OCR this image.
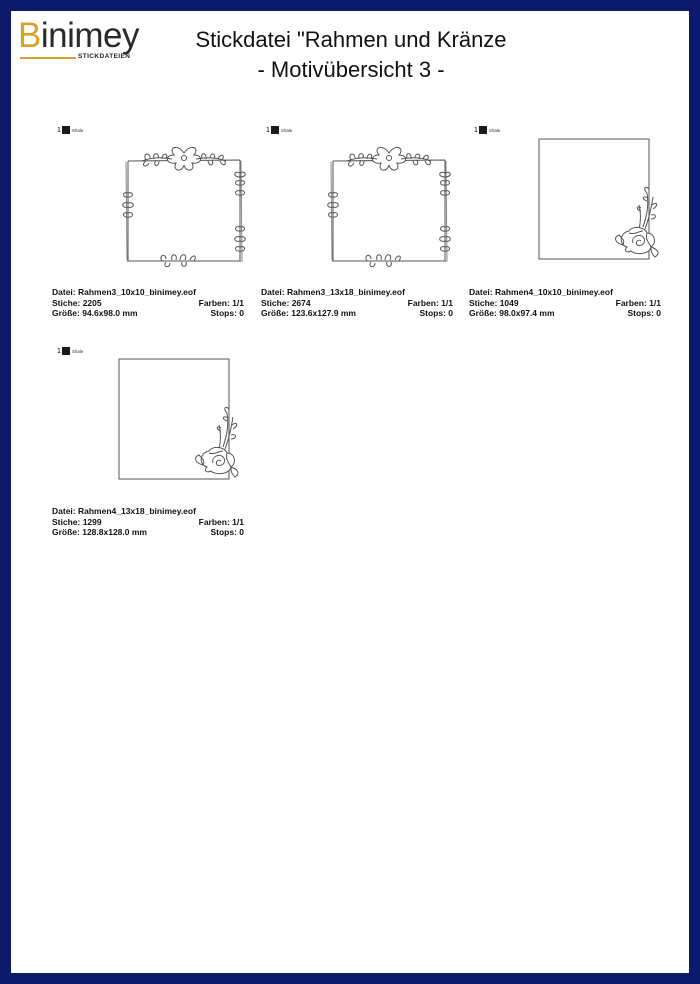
Binimey
STICKDATEIEN
Stickdatei "Rahmen und Kränze
- Motivübersicht 3 -
1 Shale
Datei: Rahmen3_10x10_binimey.eof
Stiche: 2205	Farben: 1/1
Größe: 94.6x98.0 mm	Stops: 0
1 Shale
Datei: Rahmen3_13x18_binimey.eof
Stiche: 2674	Farben: 1/1
Größe: 123.6x127.9 mm	Stops: 0
1 Shale
Datei: Rahmen4_10x10_binimey.eof
Stiche: 1049	Farben: 1/1
Größe: 98.0x97.4 mm	Stops: 0
1 Shale
Datei: Rahmen4_13x18_binimey.eof
Stiche: 1299	Farben: 1/1
Größe: 128.8x128.0 mm	Stops: 0
